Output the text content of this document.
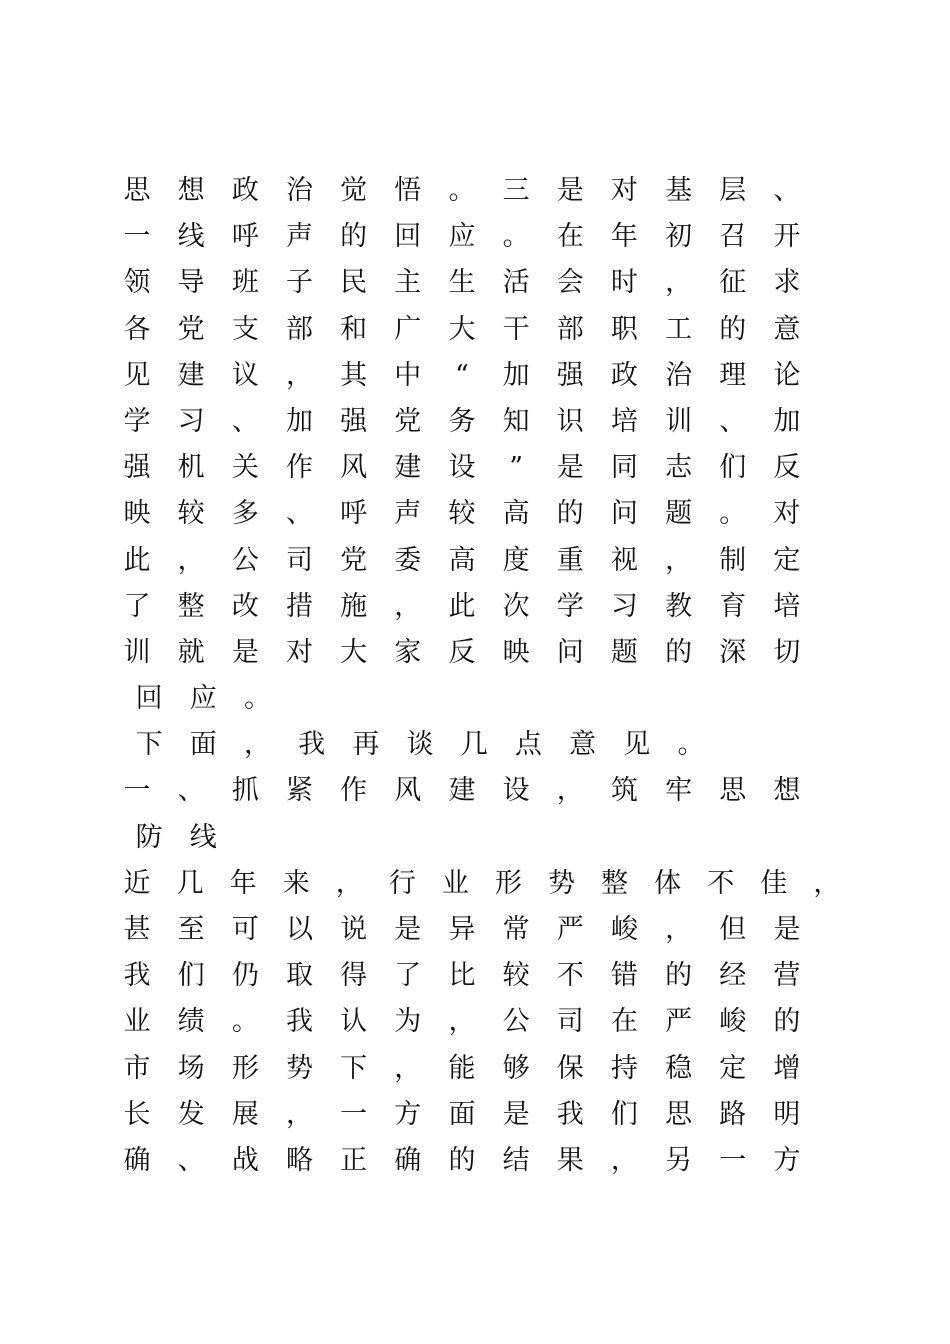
思 想 政 治 觉 悟 。 三 是 对 基 层 、
一 线 呼 声 的 回 应 。 在 年 初 召 开
领 导 班 子 民 主 生 活 会 时 ， 征 求
各 党 支 部 和 广 大 干 部 职 工 的 意
见 建 议 ， 其 中 “ 加 强 政 治 理 论
学 习 、 加 强 党 务 知 识 培 训 、 加
强 机 关 作 风 建 设 ” 是 同 志 们 反
映 较 多 、 呼 声 较 高 的 问 题 。 对
此 ， 公 司 党 委 高 度 重 视 ， 制 定
了 整 改 措 施 ， 此 次 学 习 教 育 培
训 就 是 对 大 家 反 映 问 题 的 深 切
回	应	。
下	面	，	我	再	谈	几	点	意	见	。
一 、 抓 紧 作 风 建 设 ， 筑 牢 思 想
防	线
近 几 年 来 ， 行 业 形 势 整 体 不 佳 ，
甚 至 可 以 说 是 异 常 严 峻 ， 但 是
我 们 仍 取 得 了 比 较 不 错 的 经 营
业 绩 。 我 认 为 ， 公 司 在 严 峻 的
市 场 形 势 下 ， 能 够 保 持 稳 定 增
长 发 展 ， 一 方 面 是 我 们 思 路 明
确 、 战 略 正 确 的 结 果 ， 另 一 方
